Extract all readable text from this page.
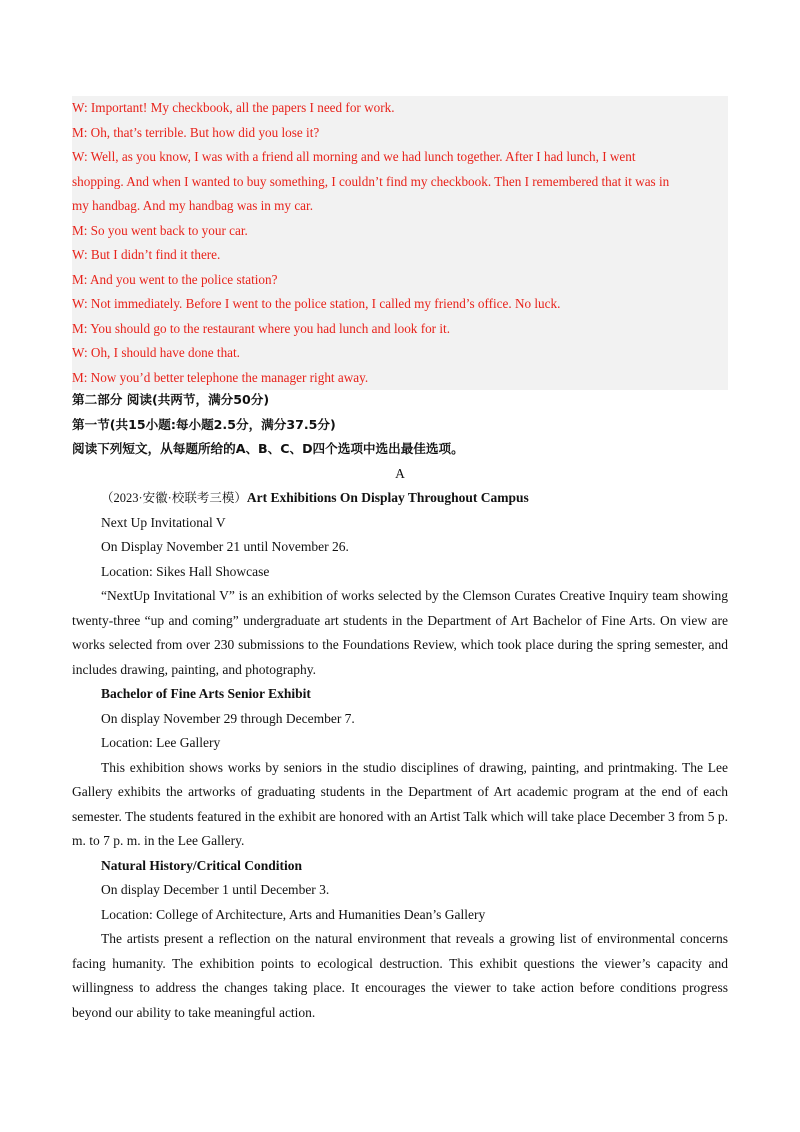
W: Important! My checkbook, all the papers I need for work.

M: Oh, that’s terrible. But how did you lose it?

W: Well, as you know, I was with a friend all morning and we had lunch together. After I had lunch, I went

shopping. And when I wanted to buy something, I couldn’t find my checkbook. Then I remembered that it was in

my handbag. And my handbag was in my car.

M: So you went back to your car.

W: But I didn’t find it there.

M: And you went to the police station?

W: Not immediately. Before I went to the police station, I called my friend’s office. No luck.

M: You should go to the restaurant where you had lunch and look for it.

W: Oh, I should have done that.

M: Now you’d better telephone the manager right away.

第二部分 阅读(共两节，满分50分)

第一节(共15小题:每小题2.5分，满分37.5分)

阅读下列短文，从每题所给的A、B、C、D四个选项中选出最佳选项。

A

（2023·安徽·校联考三模）Art Exhibitions On Display Throughout Campus

Next Up Invitational V

On Display November 21 until November 26.

Location: Sikes Hall Showcase

“NextUp Invitational V” is an exhibition of works selected by the Clemson Curates Creative Inquiry team showing twenty-three “up and coming” undergraduate art students in the Department of Art Bachelor of Fine Arts. On view are works selected from over 230 submissions to the Foundations Review, which took place during the spring semester, and includes drawing, painting, and photography.

Bachelor of Fine Arts Senior Exhibit

On display November 29 through December 7.

Location: Lee Gallery

This exhibition shows works by seniors in the studio disciplines of drawing, painting, and printmaking. The Lee Gallery exhibits the artworks of graduating students in the Department of Art academic program at the end of each semester. The students featured in the exhibit are honored with an Artist Talk which will take place December 3 from 5 p. m. to 7 p. m. in the Lee Gallery.

Natural History/Critical Condition

On display December 1 until December 3.

Location: College of Architecture, Arts and Humanities Dean’s Gallery

The artists present a reflection on the natural environment that reveals a growing list of environmental concerns facing humanity. The exhibition points to ecological destruction. This exhibit questions the viewer’s capacity and willingness to address the changes taking place. It encourages the viewer to take action before conditions progress beyond our ability to take meaningful action.
